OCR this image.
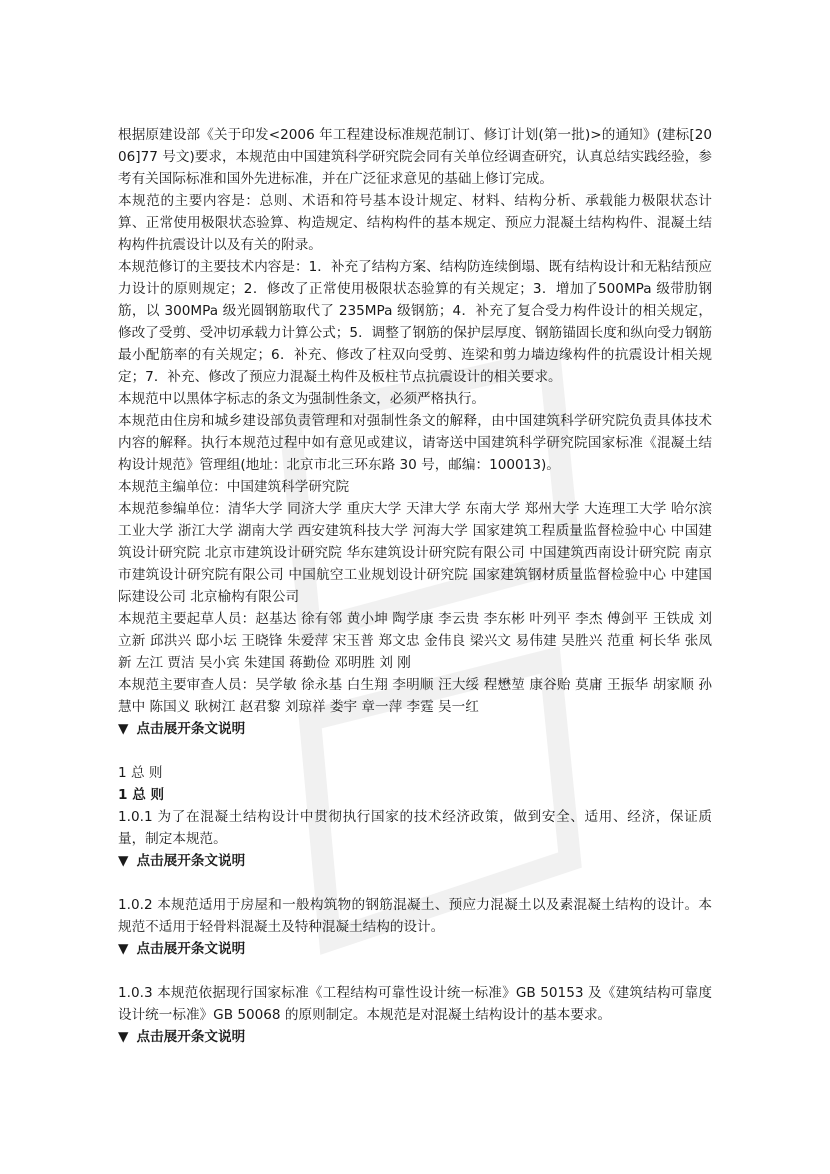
根据原建设部《关于印发<2006 年工程建设标准规范制订、修订计划(第一批)>的通知》(建标[2006]77 号文)要求，本规范由中国建筑科学研究院会同有关单位经调查研究，认真总结实践经验，参考有关国际标准和国外先进标准，并在广泛征求意见的基础上修订完成。

本规范的主要内容是：总则、术语和符号基本设计规定、材料、结构分析、承载能力极限状态计算、正常使用极限状态验算、构造规定、结构构件的基本规定、预应力混凝土结构构件、混凝土结构构件抗震设计以及有关的附录。

本规范修订的主要技术内容是：1．补充了结构方案、结构防连续倒塌、既有结构设计和无粘结预应力设计的原则规定；2．修改了正常使用极限状态验算的有关规定；3．增加了500MPa 级带肋钢筋，以 300MPa 级光圆钢筋取代了 235MPa 级钢筋；4．补充了复合受力构件设计的相关规定，修改了受剪、受冲切承载力计算公式；5．调整了钢筋的保护层厚度、钢筋锚固长度和纵向受力钢筋最小配筋率的有关规定；6．补充、修改了柱双向受剪、连梁和剪力墙边缘构件的抗震设计相关规定；7．补充、修改了预应力混凝土构件及板柱节点抗震设计的相关要求。

本规范中以黑体字标志的条文为强制性条文，必须严格执行。

本规范由住房和城乡建设部负责管理和对强制性条文的解释，由中国建筑科学研究院负责具体技术内容的解释。执行本规范过程中如有意见或建议，请寄送中国建筑科学研究院国家标准《混凝土结构设计规范》管理组(地址：北京市北三环东路 30 号，邮编：100013)。

本规范主编单位：中国建筑科学研究院

本规范参编单位：清华大学 同济大学 重庆大学 天津大学 东南大学 郑州大学 大连理工大学 哈尔滨工业大学 浙江大学 湖南大学 西安建筑科技大学 河海大学 国家建筑工程质量监督检验中心 中国建筑设计研究院 北京市建筑设计研究院 华东建筑设计研究院有限公司 中国建筑西南设计研究院 南京市建筑设计研究院有限公司 中国航空工业规划设计研究院 国家建筑钢材质量监督检验中心 中建国际建设公司 北京榆构有限公司

本规范主要起草人员：赵基达 徐有邻 黄小坤 陶学康 李云贵 李东彬 叶列平 李杰 傅剑平 王铁成 刘立新 邱洪兴 邸小坛 王晓锋 朱爱萍 宋玉普 郑文忠 金伟良 梁兴文 易伟建 吴胜兴 范重 柯长华 张凤新 左江 贾洁 吴小宾 朱建国 蒋勤俭 邓明胜 刘 刚

本规范主要审查人员：吴学敏 徐永基 白生翔 李明顺 汪大绥 程懋堃 康谷贻 莫庸 王振华 胡家顺 孙慧中 陈国义 耿树江 赵君黎 刘琼祥 娄宇 章一萍 李霆 吴一红

▼ 点击展开条文说明

1 总 则

1 总 则

1.0.1 为了在混凝土结构设计中贯彻执行国家的技术经济政策，做到安全、适用、经济，保证质量，制定本规范。

▼ 点击展开条文说明

1.0.2 本规范适用于房屋和一般构筑物的钢筋混凝土、预应力混凝土以及素混凝土结构的设计。本规范不适用于轻骨料混凝土及特种混凝土结构的设计。

▼ 点击展开条文说明

1.0.3 本规范依据现行国家标准《工程结构可靠性设计统一标准》GB 50153 及《建筑结构可靠度设计统一标准》GB 50068 的原则制定。本规范是对混凝土结构设计的基本要求。

▼ 点击展开条文说明
